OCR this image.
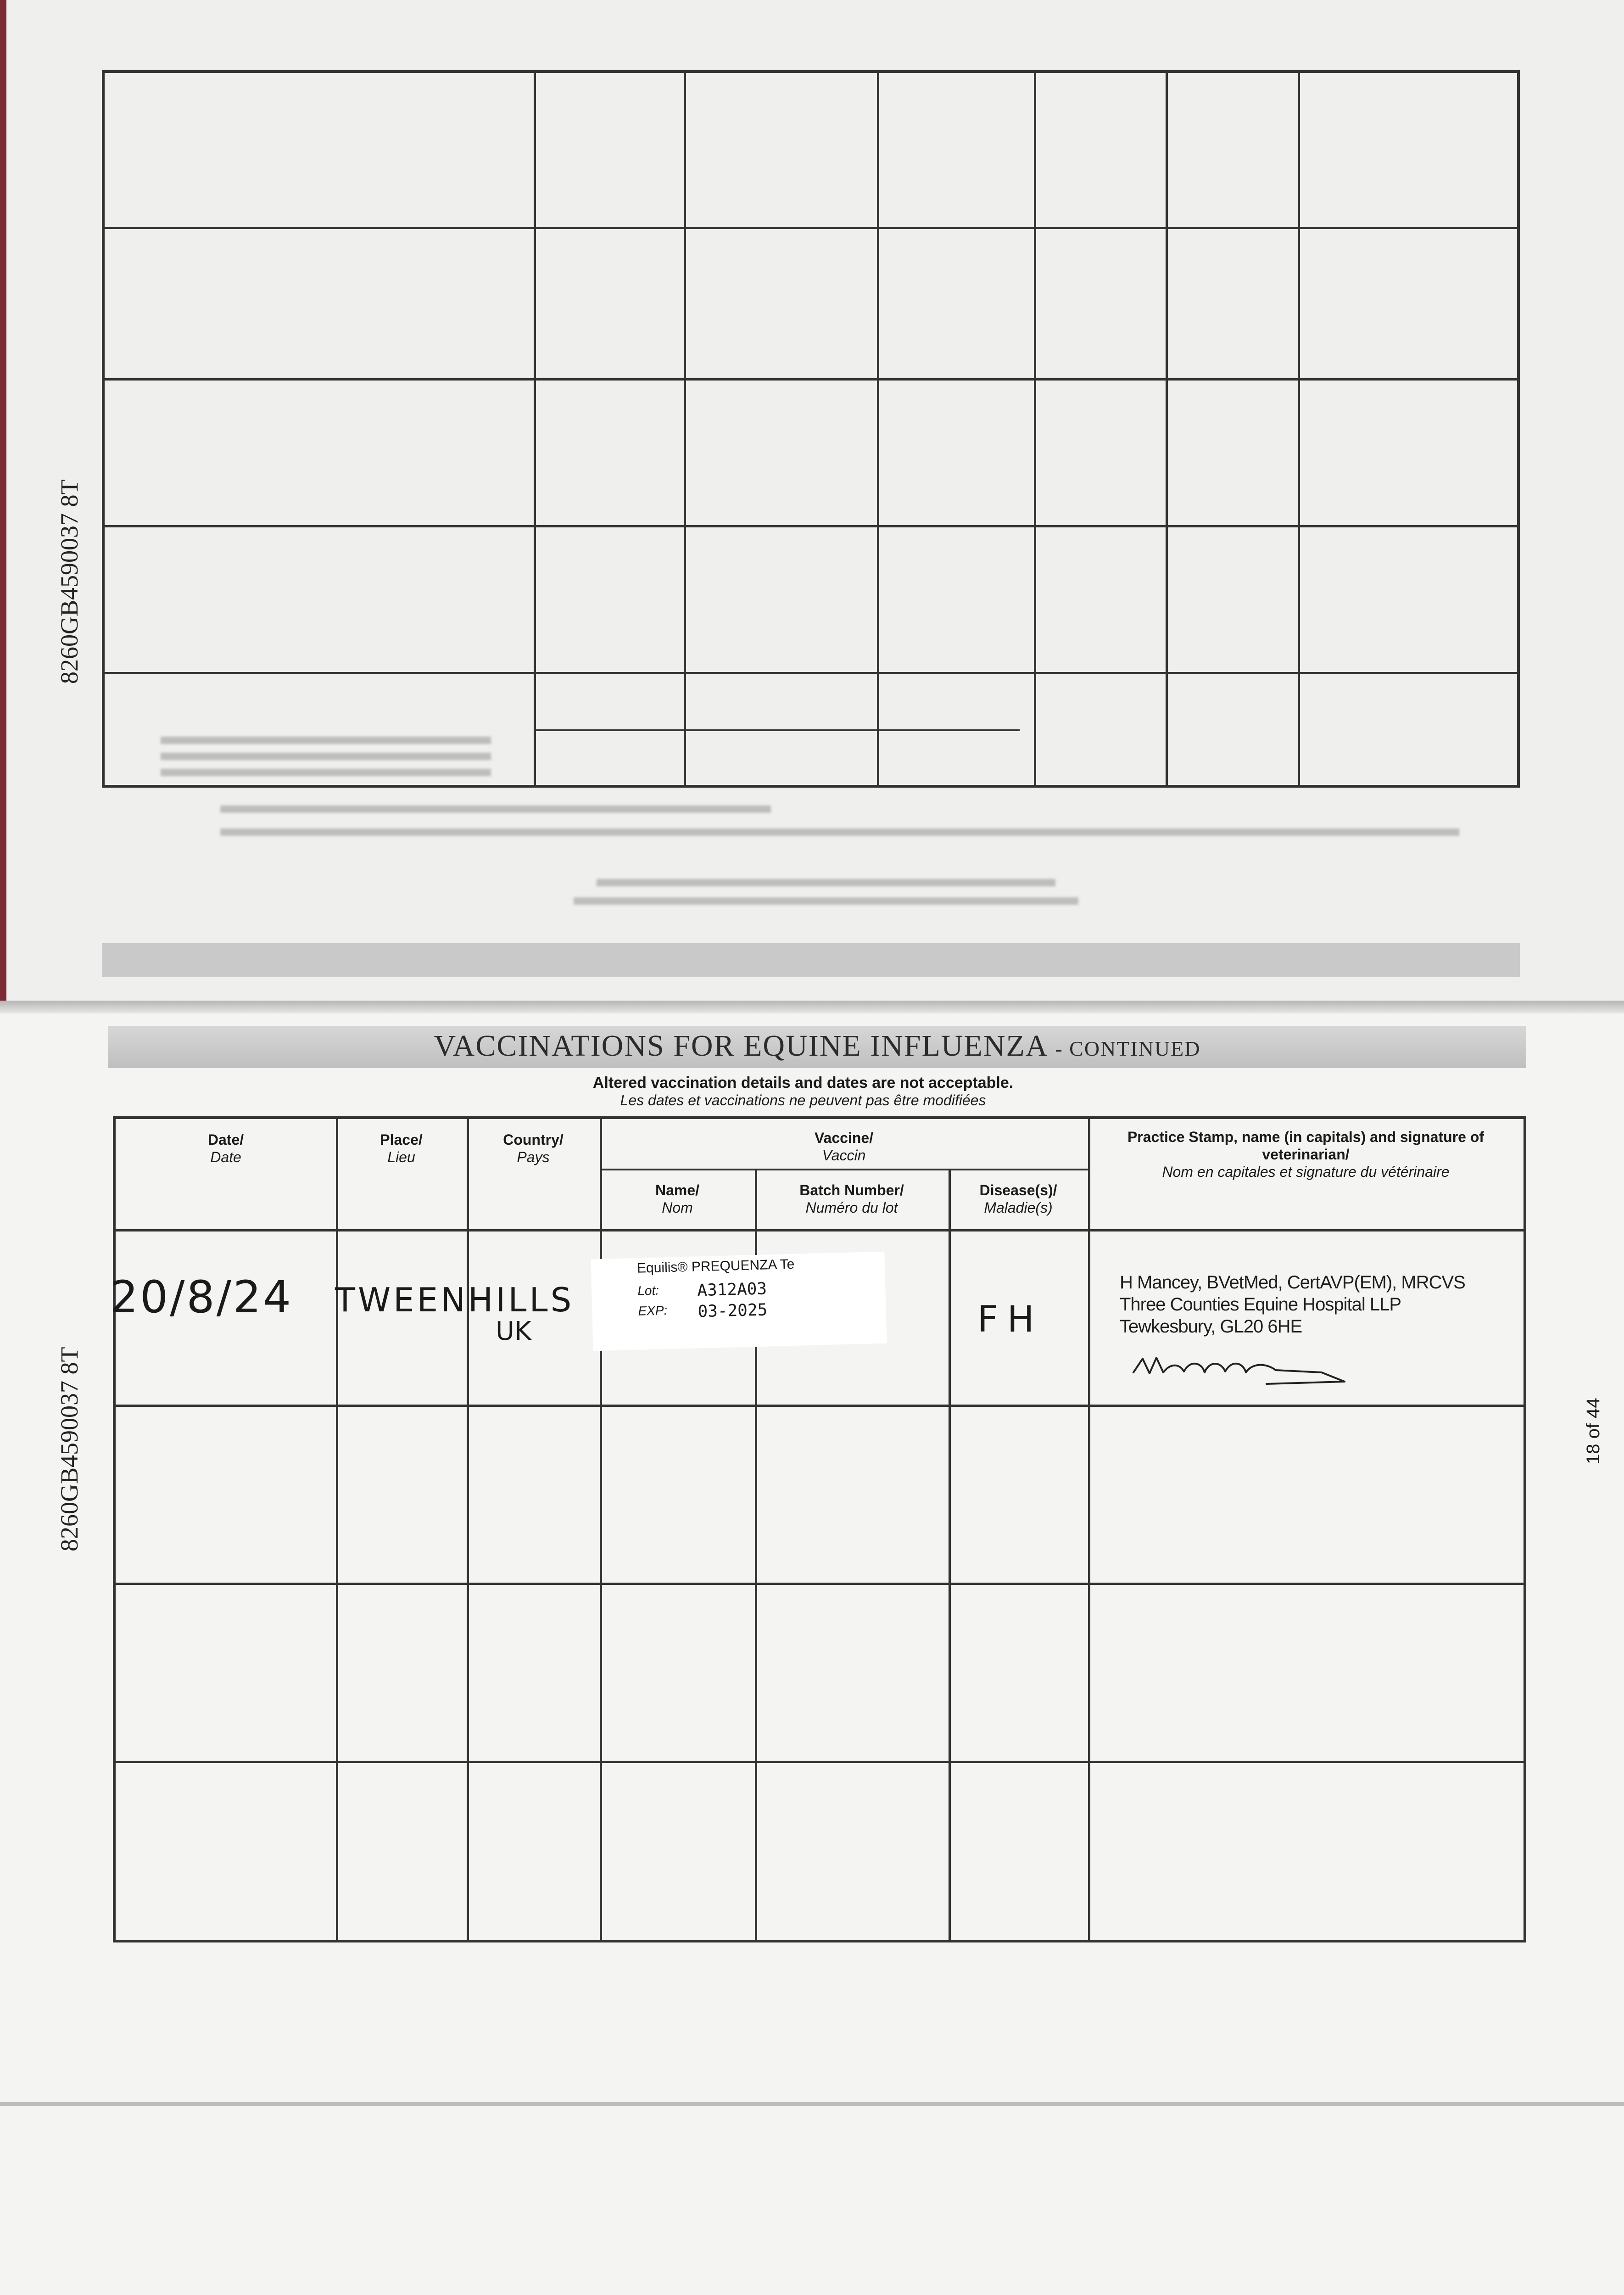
8260GB4590037 8T
8260GB4590037 8T	18 of 44
VACCINATIONS FOR EQUINE INFLUENZA - CONTINUED
Altered vaccination details and dates are not acceptable.
Les dates et vaccinations ne peuvent pas être modifiées
Date/
Date
Place/
Lieu
Country/
Pays
Vaccine/
Vaccin
Name/
Nom
Batch Number/
Numéro du lot
Disease(s)/
Maladie(s)
Practice Stamp, name (in capitals) and signature of
veterinarian/
Nom en capitales et signature du vétérinaire
20/8/24 TWEENHILLS
UK	FH
Equilis® PREQUENZA Te
Lot: A312A03
EXP: 03-2025
H Mancey, BVetMed, CertAVP(EM), MRCVS
Three Counties Equine Hospital LLP
Tewkesbury, GL20 6HE
